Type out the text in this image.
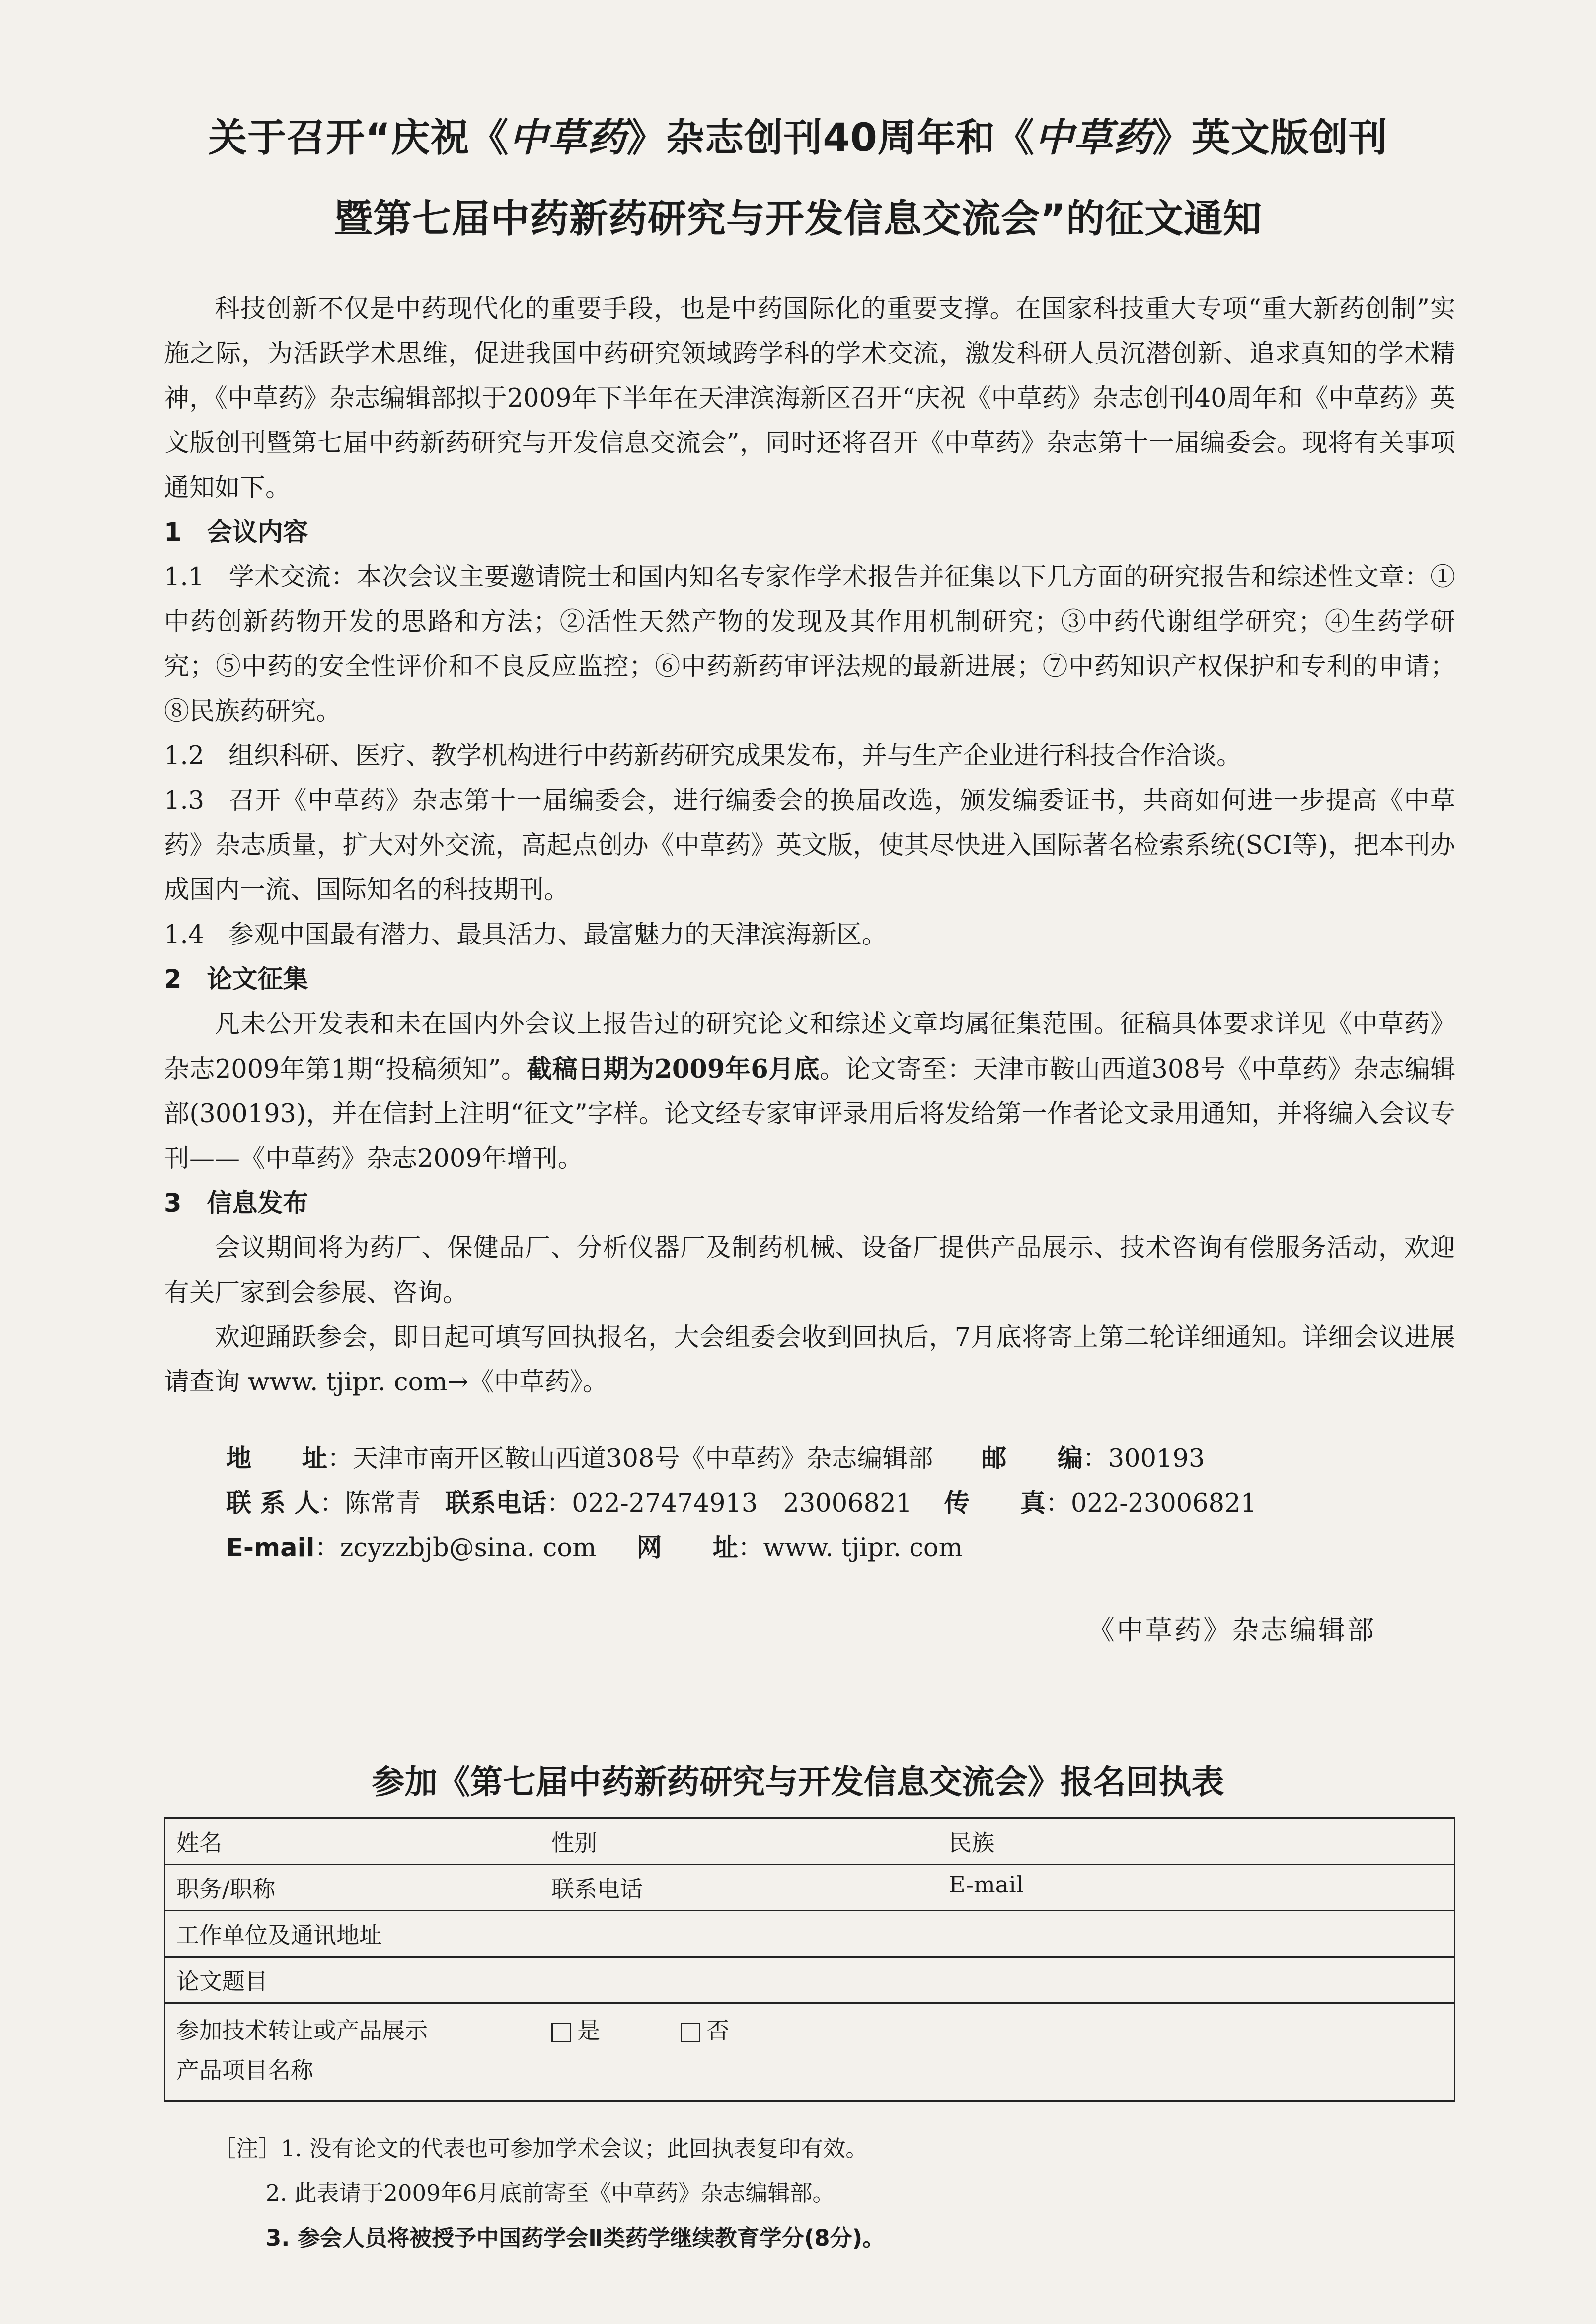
关于召开“庆祝《中草药》杂志创刊40周年和《中草药》英文版创刊
暨第七届中药新药研究与开发信息交流会”的征文通知

科技创新不仅是中药现代化的重要手段，也是中药国际化的重要支撑。在国家科技重大专项“重大新药创制”实施之际，为活跃学术思维，促进我国中药研究领域跨学科的学术交流，激发科研人员沉潜创新、追求真知的学术精神，《中草药》杂志编辑部拟于2009年下半年在天津滨海新区召开“庆祝《中草药》杂志创刊40周年和《中草药》英文版创刊暨第七届中药新药研究与开发信息交流会”，同时还将召开《中草药》杂志第十一届编委会。现将有关事项通知如下。

1　会议内容

1.1 学术交流：本次会议主要邀请院士和国内知名专家作学术报告并征集以下几方面的研究报告和综述性文章：①中药创新药物开发的思路和方法；②活性天然产物的发现及其作用机制研究；③中药代谢组学研究；④生药学研究；⑤中药的安全性评价和不良反应监控；⑥中药新药审评法规的最新进展；⑦中药知识产权保护和专利的申请；⑧民族药研究。

1.2 组织科研、医疗、教学机构进行中药新药研究成果发布，并与生产企业进行科技合作洽谈。

1.3 召开《中草药》杂志第十一届编委会，进行编委会的换届改选，颁发编委证书，共商如何进一步提高《中草药》杂志质量，扩大对外交流，高起点创办《中草药》英文版，使其尽快进入国际著名检索系统(SCI等)，把本刊办成国内一流、国际知名的科技期刊。

1.4 参观中国最有潜力、最具活力、最富魅力的天津滨海新区。

2　论文征集

凡未公开发表和未在国内外会议上报告过的研究论文和综述文章均属征集范围。征稿具体要求详见《中草药》杂志2009年第1期“投稿须知”。截稿日期为2009年6月底。论文寄至：天津市鞍山西道308号《中草药》杂志编辑部(300193)，并在信封上注明“征文”字样。论文经专家审评录用后将发给第一作者论文录用通知，并将编入会议专刊——《中草药》杂志2009年增刊。

3　信息发布

会议期间将为药厂、保健品厂、分析仪器厂及制药机械、设备厂提供产品展示、技术咨询有偿服务活动，欢迎有关厂家到会参展、咨询。

欢迎踊跃参会，即日起可填写回执报名，大会组委会收到回执后，7月底将寄上第二轮详细通知。详细会议进展请查询 www. tjipr. com→《中草药》。

地　　址：天津市南开区鞍山西道308号《中草药》杂志编辑部 邮　　编：300193
联 系 人：陈常青 联系电话：022-27474913　23006821 传　　真：022-23006821
E-mail：zcyzzbjb@sina. com 网　　址：www. tjipr. com
《中草药》杂志编辑部
参加《第七届中药新药研究与开发信息交流会》报名回执表
姓名	性别	民族

职务/职称	联系电话	E-mail

工作单位及通讯地址
论文题目

参加技术转让或产品展示	是	否
产品项目名称
［注］1. 没有论文的代表也可参加学术会议；此回执表复印有效。
2. 此表请于2009年6月底前寄至《中草药》杂志编辑部。
3. 参会人员将被授予中国药学会Ⅱ类药学继续教育学分(8分)。
